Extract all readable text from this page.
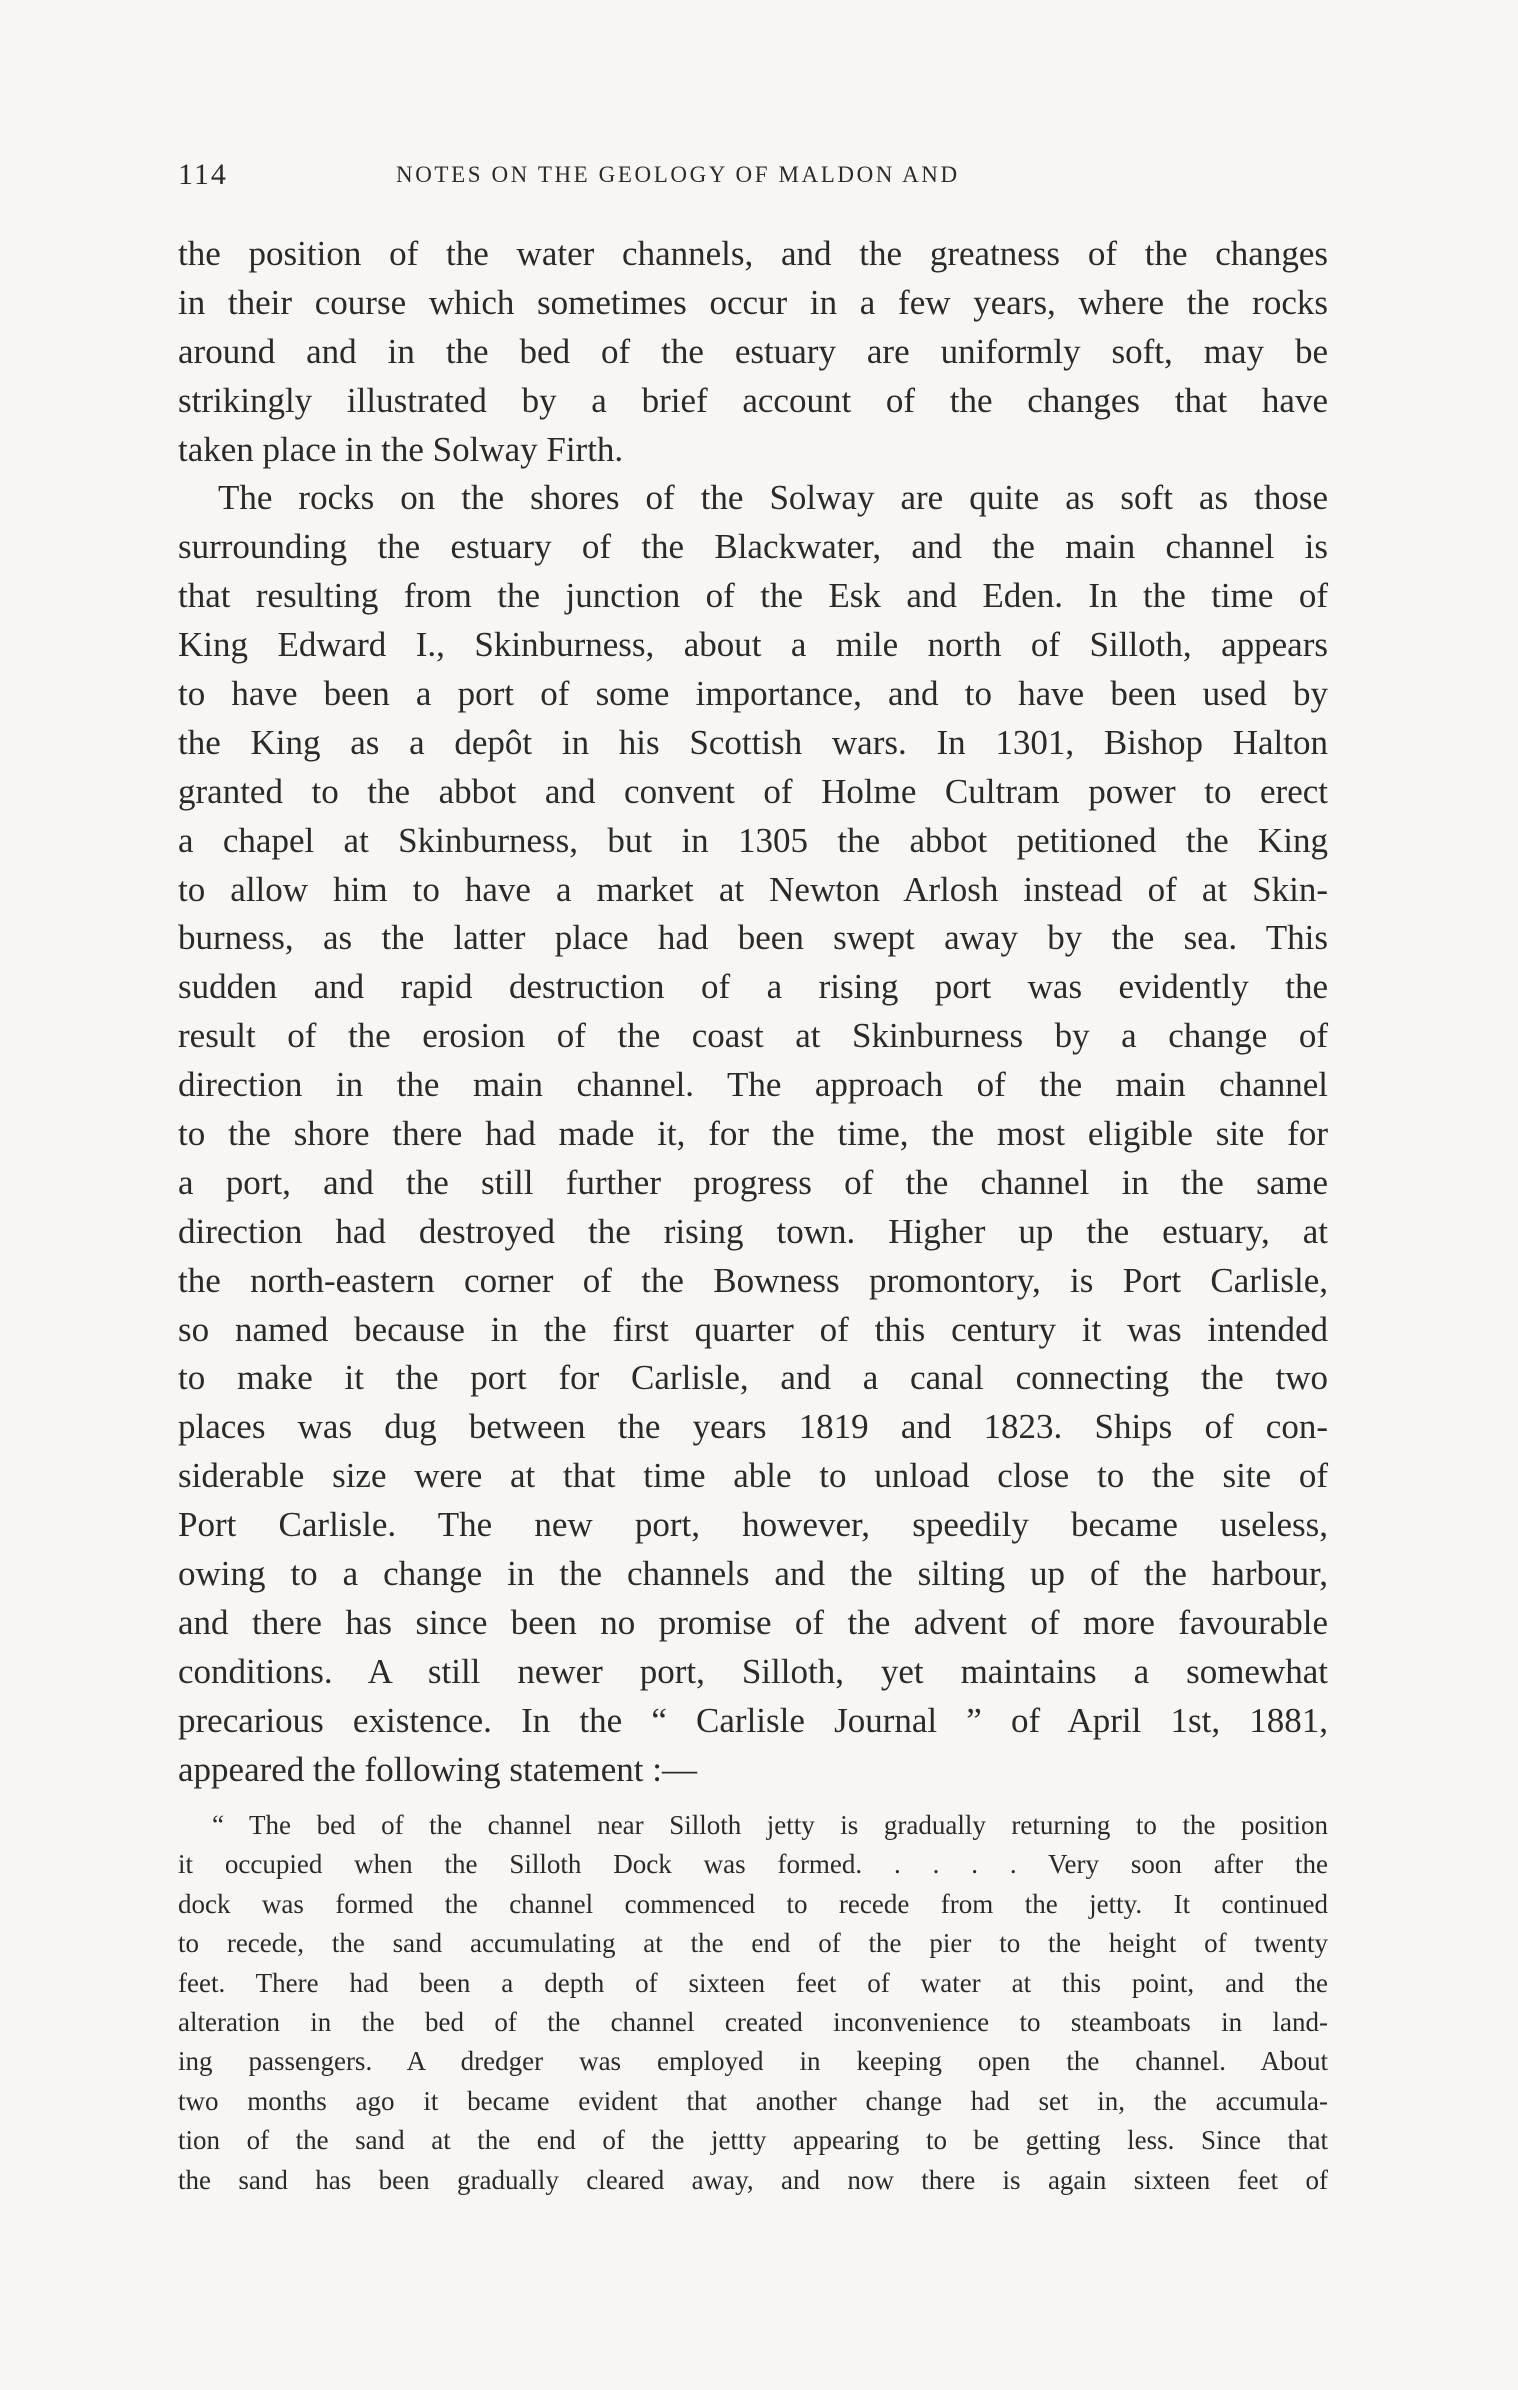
114	NOTES ON THE GEOLOGY OF MALDON AND
the position of the water channels, and the greatness of the changes
in their course which sometimes occur in a few years, where the rocks
around and in the bed of the estuary are uniformly soft, may be
strikingly illustrated by a brief account of the changes that have
taken place in the Solway Firth.
The rocks on the shores of the Solway are quite as soft as those
surrounding the estuary of the Blackwater, and the main channel is
that resulting from the junction of the Esk and Eden. In the time of
King Edward I., Skinburness, about a mile north of Silloth, appears
to have been a port of some importance, and to have been used by
the King as a depôt in his Scottish wars. In 1301, Bishop Halton
granted to the abbot and convent of Holme Cultram power to erect
a chapel at Skinburness, but in 1305 the abbot petitioned the King
to allow him to have a market at Newton Arlosh instead of at Skin-
burness, as the latter place had been swept away by the sea. This
sudden and rapid destruction of a rising port was evidently the
result of the erosion of the coast at Skinburness by a change of
direction in the main channel. The approach of the main channel
to the shore there had made it, for the time, the most eligible site for
a port, and the still further progress of the channel in the same
direction had destroyed the rising town. Higher up the estuary, at
the north-eastern corner of the Bowness promontory, is Port Carlisle,
so named because in the first quarter of this century it was intended
to make it the port for Carlisle, and a canal connecting the two
places was dug between the years 1819 and 1823. Ships of con-
siderable size were at that time able to unload close to the site of
Port Carlisle. The new port, however, speedily became useless,
owing to a change in the channels and the silting up of the harbour,
and there has since been no promise of the advent of more favourable
conditions. A still newer port, Silloth, yet maintains a somewhat
precarious existence. In the “ Carlisle Journal ” of April 1st, 1881,
appeared the following statement :—
“ The bed of the channel near Silloth jetty is gradually returning to the position
it occupied when the Silloth Dock was formed. . . . . Very soon after the
dock was formed the channel commenced to recede from the jetty. It continued
to recede, the sand accumulating at the end of the pier to the height of twenty
feet. There had been a depth of sixteen feet of water at this point, and the
alteration in the bed of the channel created inconvenience to steamboats in land-
ing passengers. A dredger was employed in keeping open the channel. About
two months ago it became evident that another change had set in, the accumula-
tion of the sand at the end of the jettty appearing to be getting less. Since that
the sand has been gradually cleared away, and now there is again sixteen feet of
